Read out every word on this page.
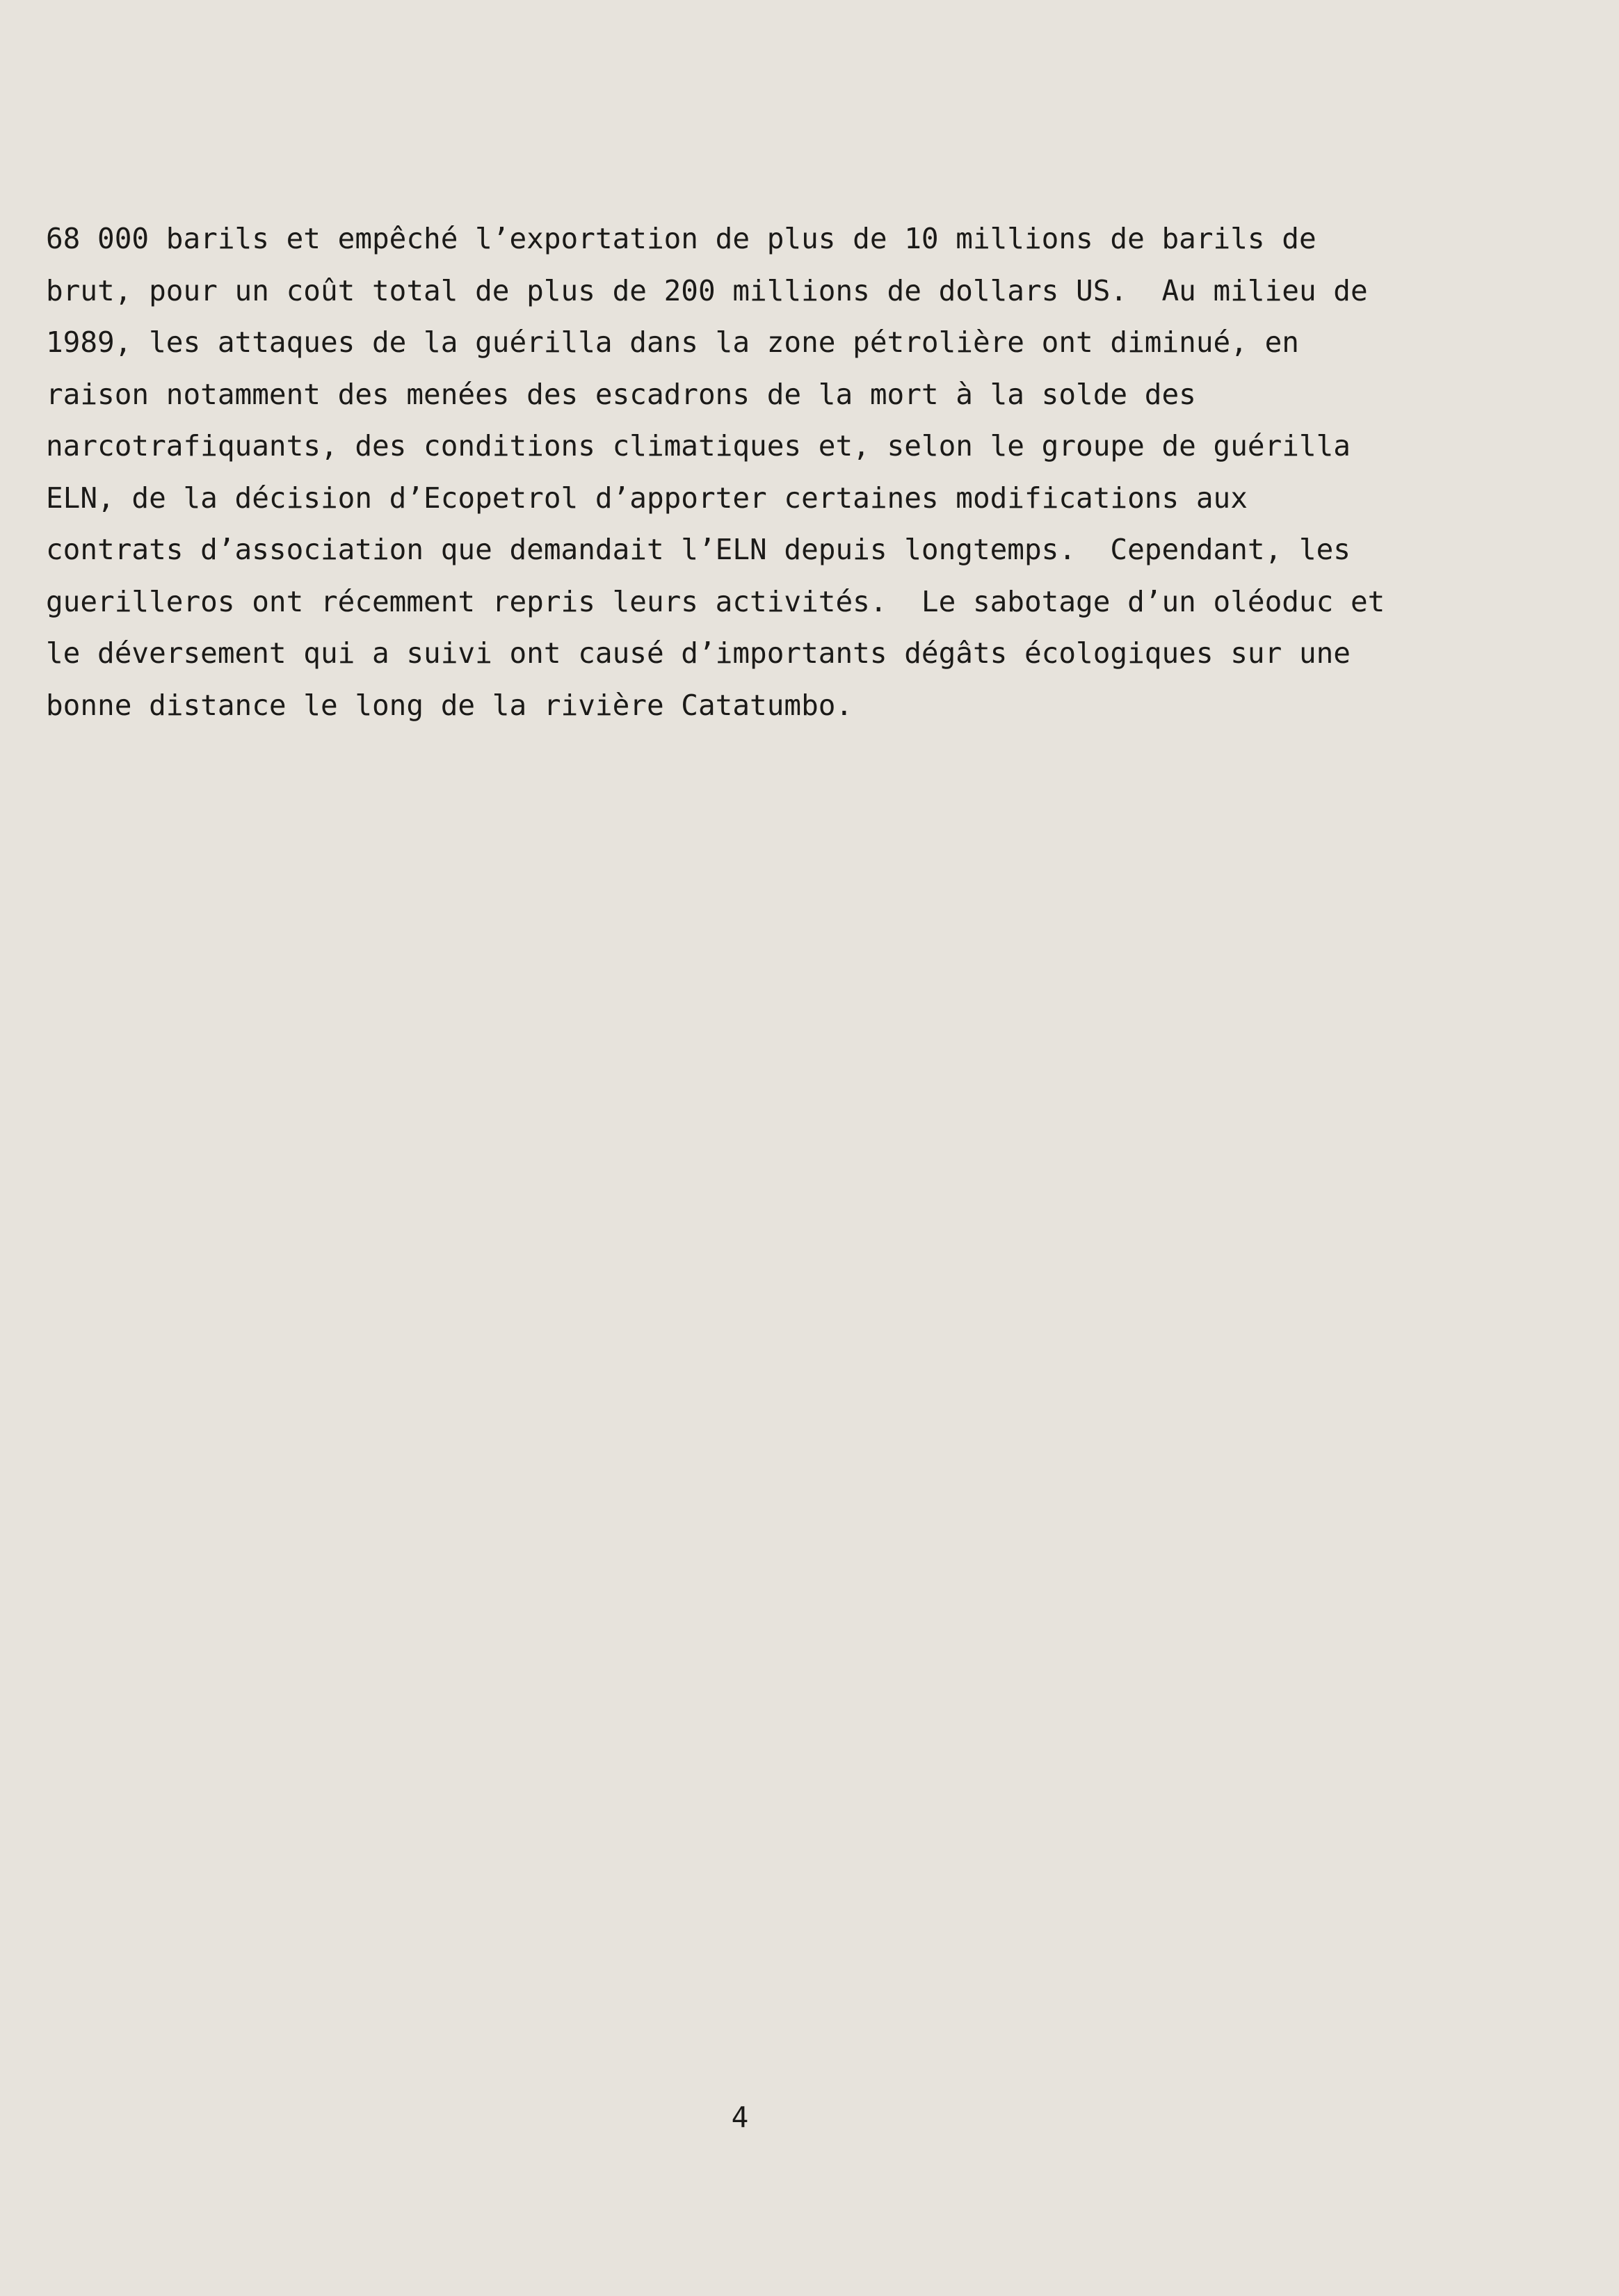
68 000 barils et empêché l’exportation de plus de 10 millions de barils de
brut, pour un coût total de plus de 200 millions de dollars US.  Au milieu de
1989, les attaques de la guérilla dans la zone pétrolière ont diminué, en
raison notamment des menées des escadrons de la mort à la solde des
narcotrafiquants, des conditions climatiques et, selon le groupe de guérilla
ELN, de la décision d’Ecopetrol d’apporter certaines modifications aux
contrats d’association que demandait l’ELN depuis longtemps.  Cependant, les
guerilleros ont récemment repris leurs activités.  Le sabotage d’un oléoduc et
le déversement qui a suivi ont causé d’importants dégâts écologiques sur une
bonne distance le long de la rivière Catatumbo.

4
